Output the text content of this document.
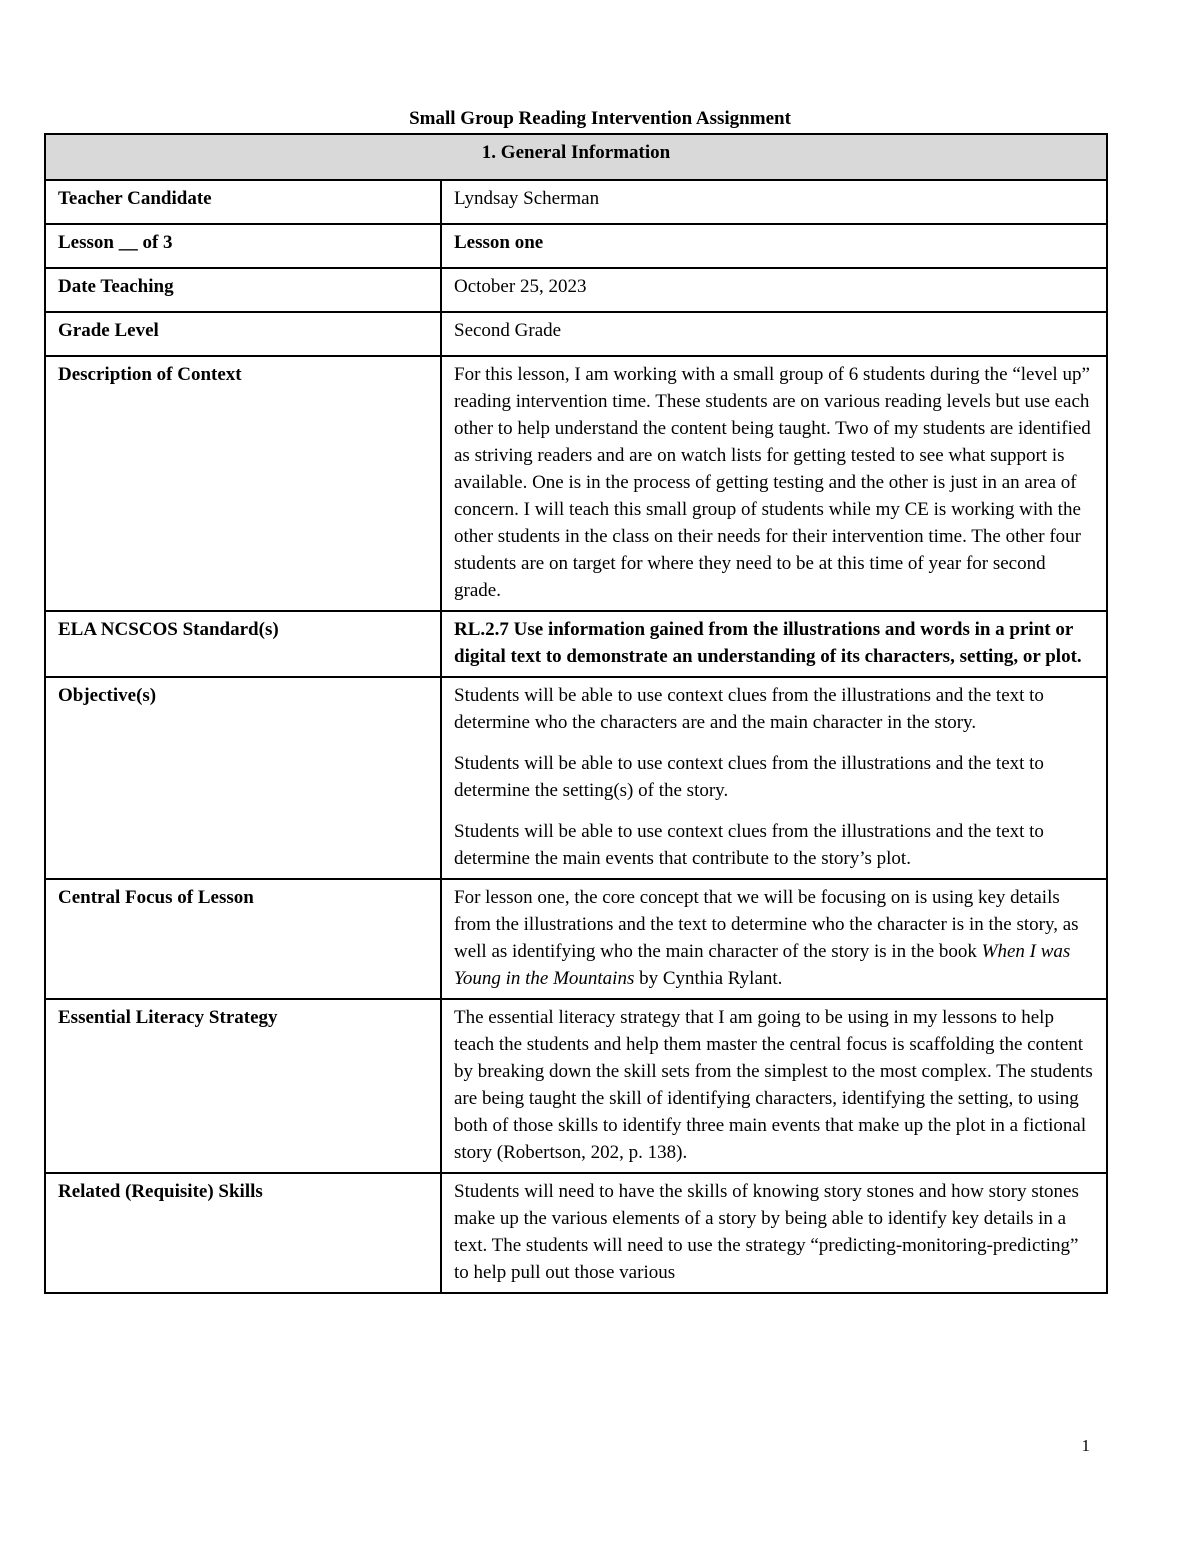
Small Group Reading Intervention Assignment
1. General Information	
Teacher Candidate	Lyndsay Scherman
Lesson __ of 3	Lesson one
Date Teaching	October 25, 2023
Grade Level	Second Grade
Description of Context	For this lesson, I am working with a small group of 6 students during the “level up” reading intervention time. These students are on various reading levels but use each other to help understand the content being taught. Two of my students are identified as striving readers and are on watch lists for getting tested to see what support is available. One is in the process of getting testing and the other is just in an area of concern. I will teach this small group of students while my CE is working with the other students in the class on their needs for their intervention time. The other four students are on target for where they need to be at this time of year for second grade.
ELA NCSCOS Standard(s)	RL.2.7 Use information gained from the illustrations and words in a print or digital text to demonstrate an understanding of its characters, setting, or plot.
Objective(s)	Students will be able to use context clues from the illustrations and the text to determine who the characters are and the main character in the story.

Students will be able to use context clues from the illustrations and the text to determine the setting(s) of the story.

Students will be able to use context clues from the illustrations and the text to determine the main events that contribute to the story’s plot.

Central Focus of Lesson	For lesson one, the core concept that we will be focusing on is using key details from the illustrations and the text to determine who the character is in the story, as well as identifying who the main character of the story is in the book When I was Young in the Mountains by Cynthia Rylant.
Essential Literacy Strategy	The essential literacy strategy that I am going to be using in my lessons to help teach the students and help them master the central focus is scaffolding the content by breaking down the skill sets from the simplest to the most complex. The students are being taught the skill of identifying characters, identifying the setting, to using both of those skills to identify three main events that make up the plot in a fictional story (Robertson, 202, p. 138).
Related (Requisite) Skills	Students will need to have the skills of knowing story stones and how story stones make up the various elements of a story by being able to identify key details in a text. The students will need to use the strategy “predicting-monitoring-predicting” to help pull out those various
1
